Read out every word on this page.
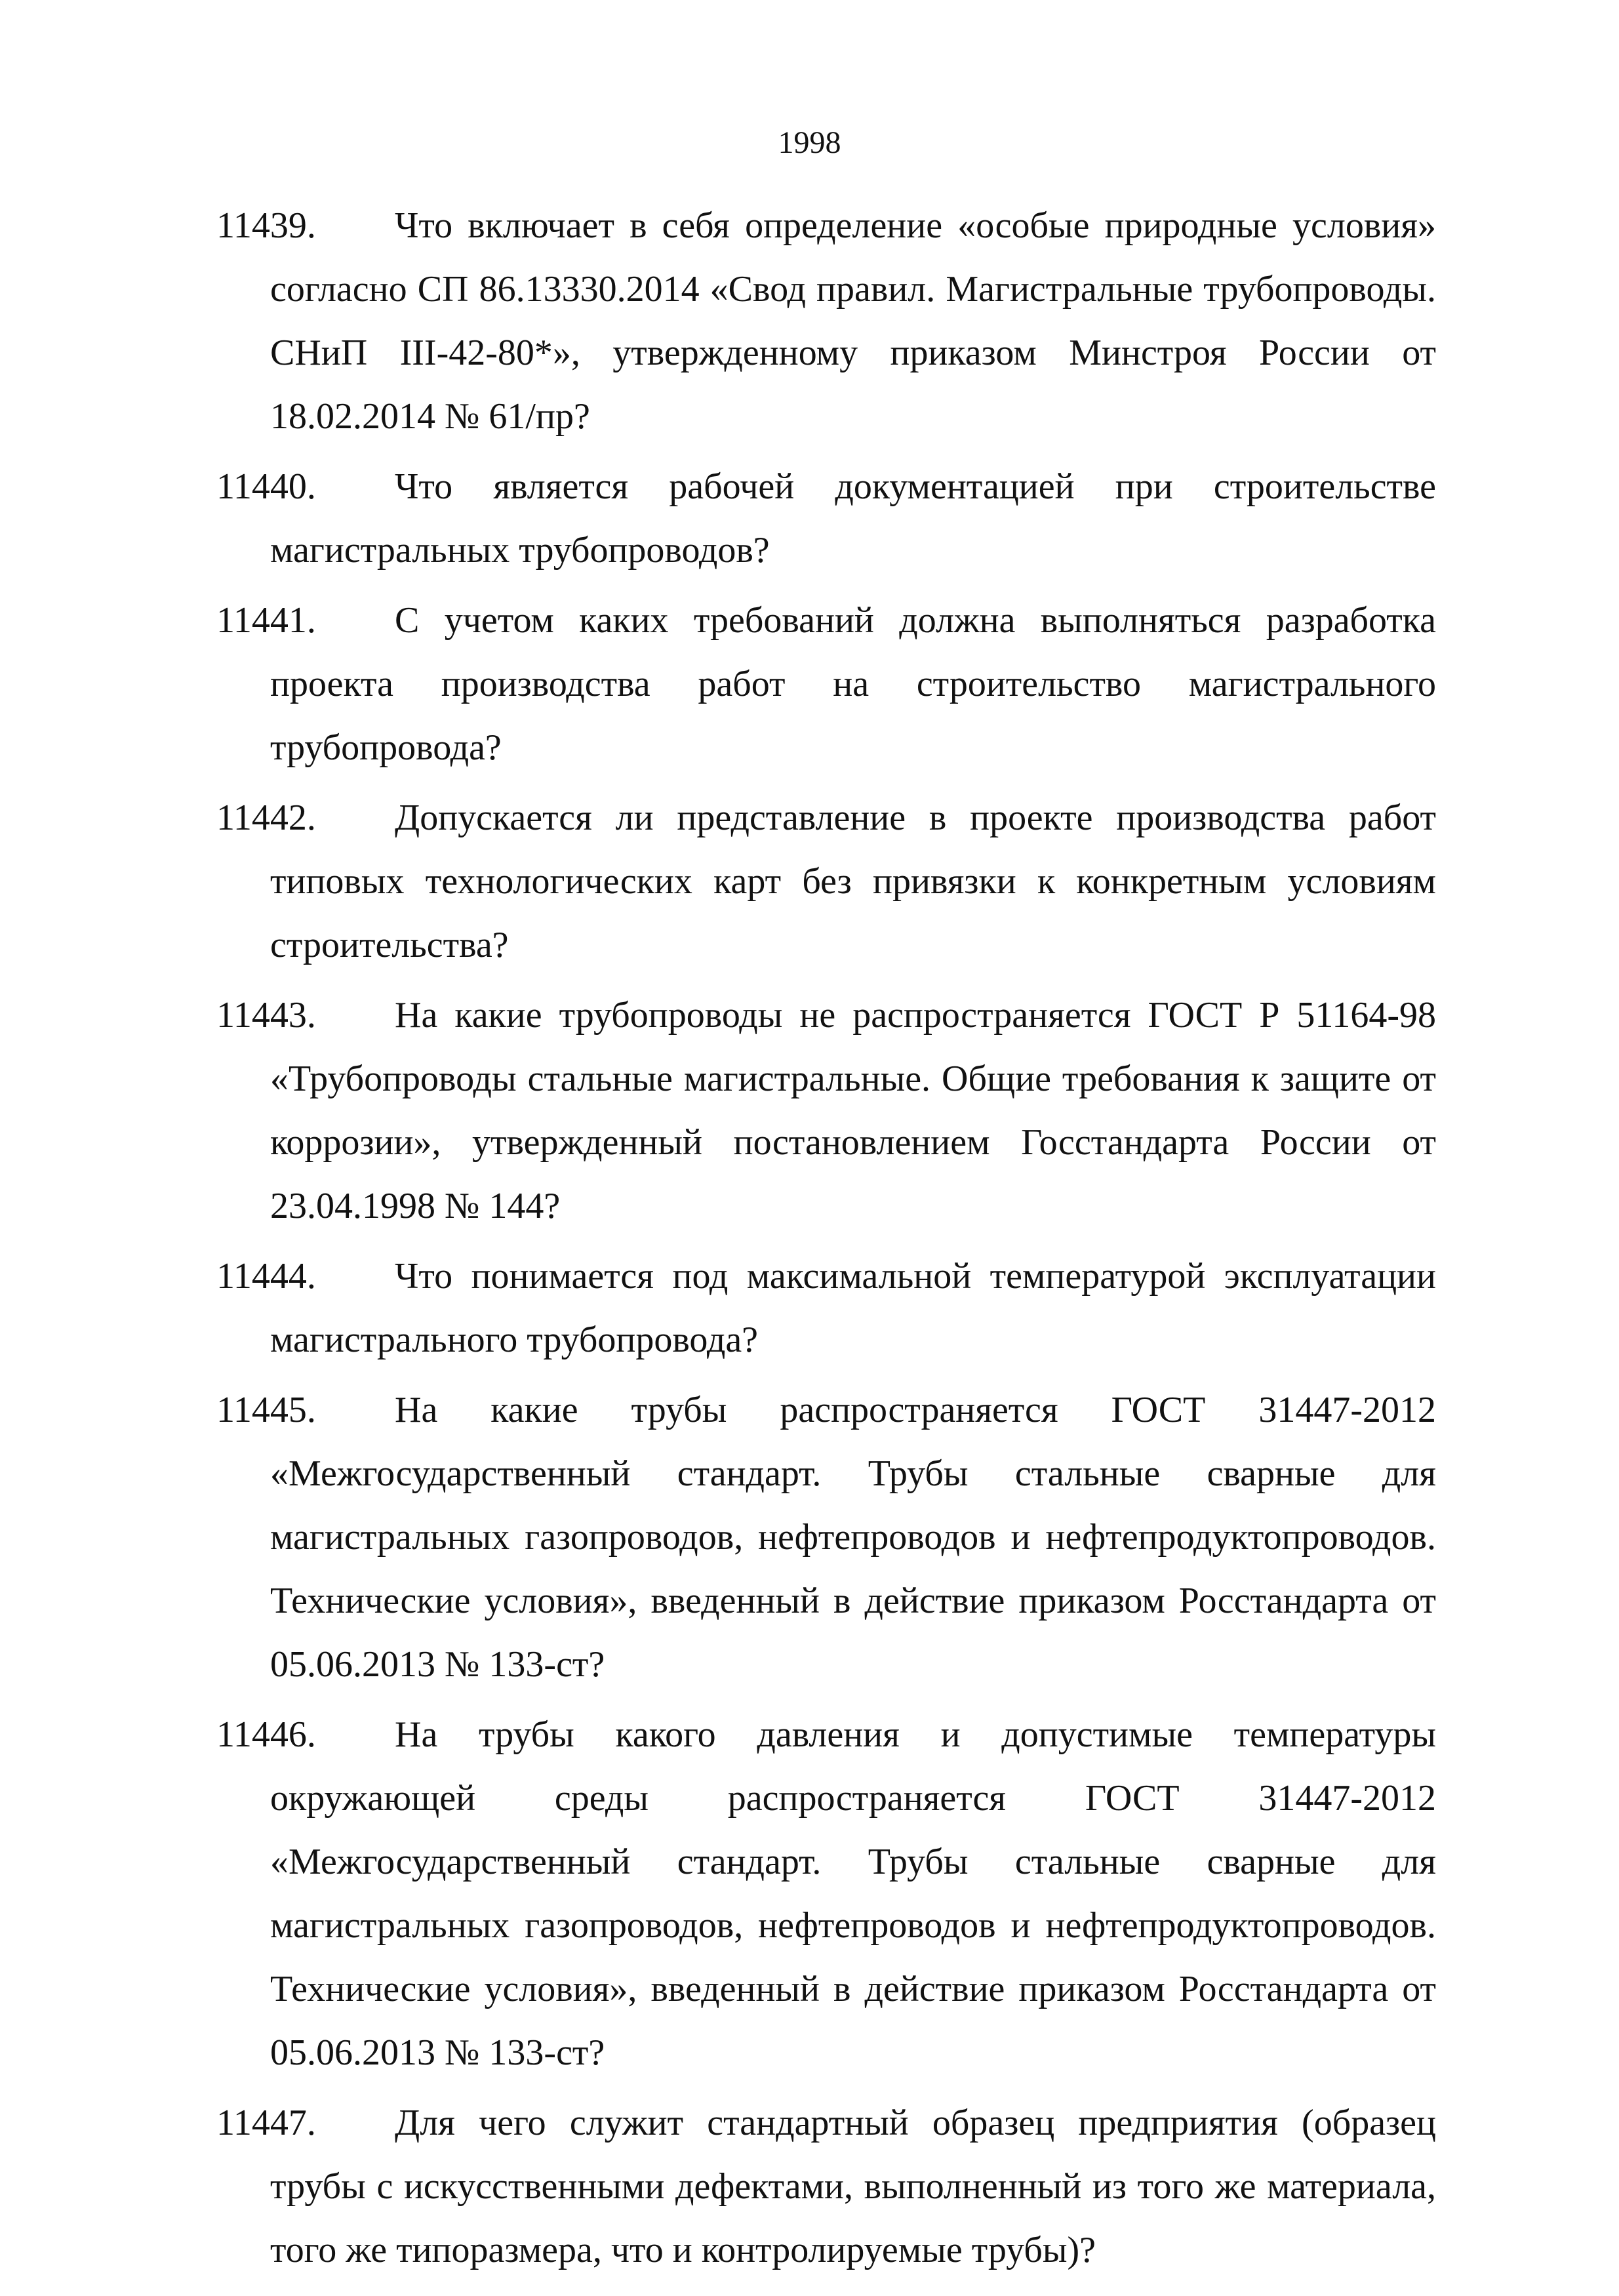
1998
11439.	Что включает в себя определение «особые природные условия» согласно СП 86.13330.2014 «Свод правил. Магистральные трубопроводы. СНиП III-42-80*», утвержденному приказом Минстроя России от 18.02.2014 № 61/пр?

11440.	Что является рабочей документацией при строительстве магистральных трубопроводов?

11441.	С учетом каких требований должна выполняться разработка проекта производства работ на строительство магистрального трубопровода?

11442.	Допускается ли представление в проекте производства работ типовых технологических карт без привязки к конкретным условиям строительства?

11443.	На какие трубопроводы не распространяется ГОСТ Р 51164-98 «Трубопроводы стальные магистральные. Общие требования к защите от коррозии», утвержденный постановлением Госстандарта России от 23.04.1998 № 144?

11444.	Что понимается под максимальной температурой эксплуатации магистрального трубопровода?

11445.	На какие трубы распространяется ГОСТ 31447-2012 «Межгосударственный стандарт. Трубы стальные сварные для магистральных газопроводов, нефтепроводов и нефтепродуктопроводов. Технические условия», введенный в действие приказом Росстандарта от 05.06.2013 № 133-ст?

11446.	На трубы какого давления и допустимые температуры окружающей среды распространяется ГОСТ 31447-2012 «Межгосударственный стандарт. Трубы стальные сварные для магистральных газопроводов, нефтепроводов и нефтепродуктопроводов. Технические условия», введенный в действие приказом Росстандарта от 05.06.2013 № 133-ст?

11447.	Для чего служит стандартный образец предприятия (образец трубы с искусственными дефектами, выполненный из того же материала, того же типоразмера, что и контролируемые трубы)?
